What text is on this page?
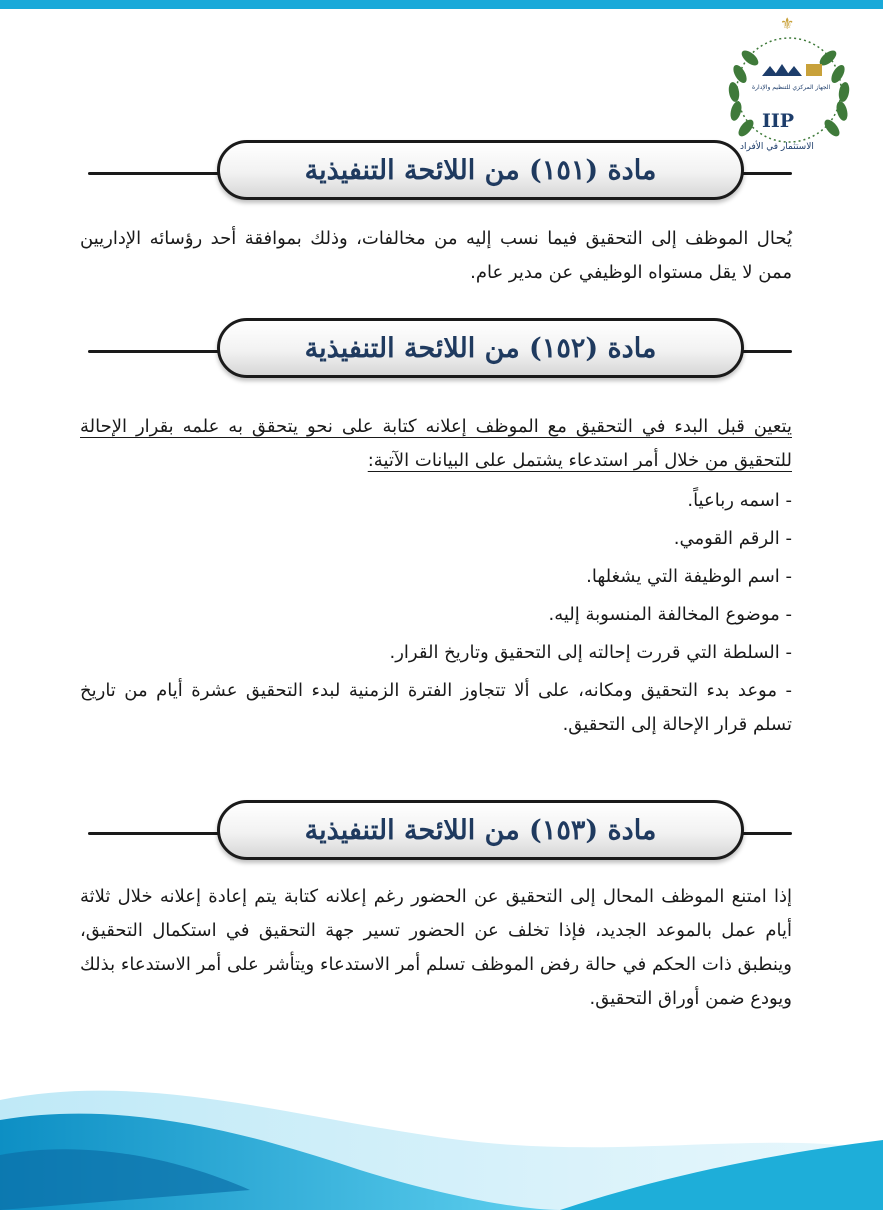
⚜
الجهاز المركزي للتنظيم والإدارة
IIP
الاستثمار في الأفراد
مادة (١٥١) من اللائحة التنفيذية

يُحال الموظف إلى التحقيق فيما نسب إليه من مخالفات، وذلك بموافقة أحد رؤسائه الإداريين ممن لا يقل مستواه الوظيفي عن مدير عام.

مادة (١٥٢) من اللائحة التنفيذية

يتعين قبل البدء في التحقيق مع الموظف إعلانه كتابة على نحو يتحقق به علمه بقرار الإحالة للتحقيق من خلال أمر استدعاء يشتمل على البيانات الآتية:

- اسمه رباعياً.
- الرقم القومي.
- اسم الوظيفة التي يشغلها.
- موضوع المخالفة المنسوبة إليه.
- السلطة التي قررت إحالته إلى التحقيق وتاريخ القرار.
- موعد بدء التحقيق ومكانه، على ألا تتجاوز الفترة الزمنية لبدء التحقيق عشرة أيام من تاريخ تسلم قرار الإحالة إلى التحقيق.
مادة (١٥٣) من اللائحة التنفيذية

إذا امتنع الموظف المحال إلى التحقيق عن الحضور رغم إعلانه كتابة يتم إعادة إعلانه خلال ثلاثة أيام عمل بالموعد الجديد، فإذا تخلف عن الحضور تسير جهة التحقيق في استكمال التحقيق، وينطبق ذات الحكم في حالة رفض الموظف تسلم أمر الاستدعاء ويتأشر على أمر الاستدعاء بذلك ويودع ضمن أوراق التحقيق.
